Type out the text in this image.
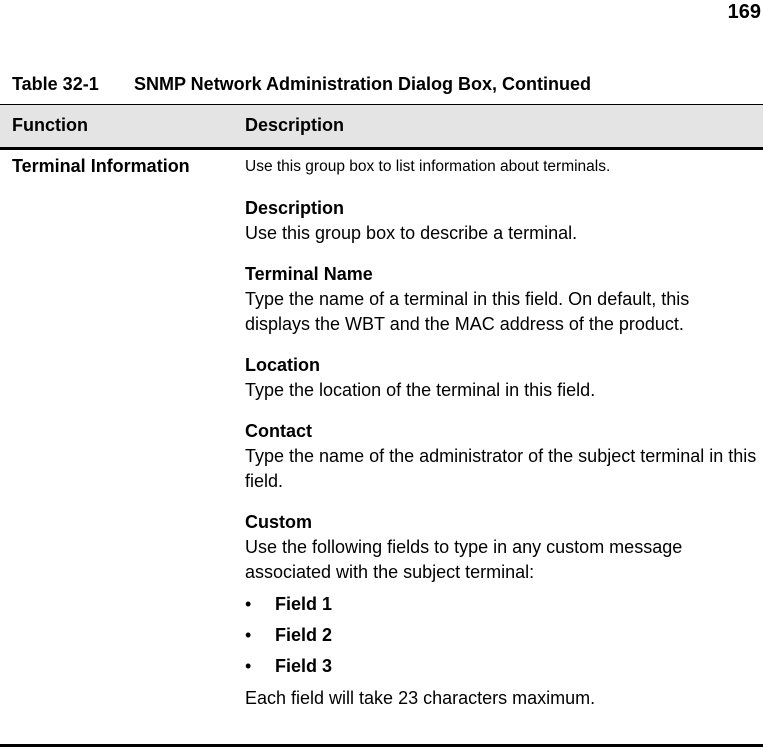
169
Table 32-1 SNMP Network Administration Dialog Box, Continued
Function	Description
Terminal Information	Use this group box to list information about terminals.
Description
Use this group box to describe a terminal.
Terminal Name
Type the name of a terminal in this field. On default, this displays the WBT and the MAC address of the product.
Location
Type the location of the terminal in this field.
Contact
Type the name of the administrator of the subject terminal in this field.
Custom
Use the following fields to type in any custom message associated with the subject terminal:
• Field 1
• Field 2
• Field 3
Each field will take 23 characters maximum.
